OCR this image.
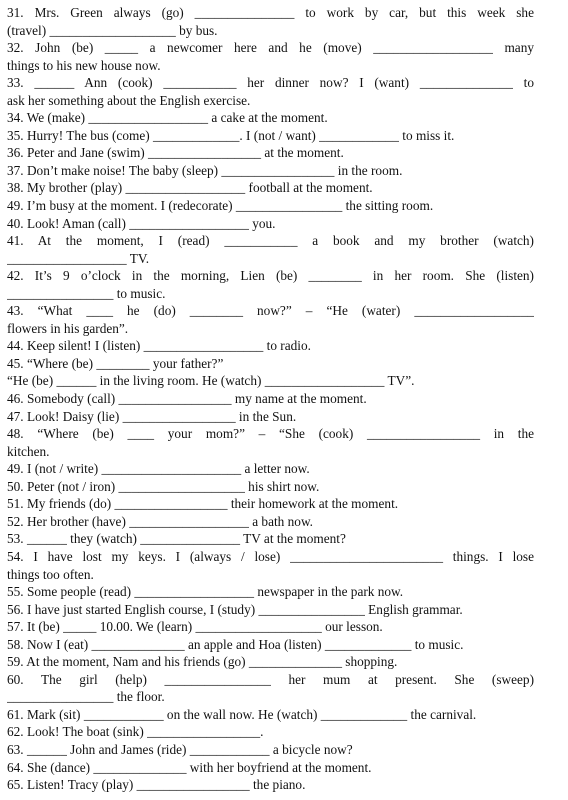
31. Mrs. Green always (go) _______________ to work by car, but this week she
(travel) ___________________ by bus.
32. John (be) _____ a newcomer here and he (move) __________________ many
things to his new house now.
33. ______ Ann (cook) ___________ her dinner now? I (want) ______________ to
ask her something about the English exercise.
34. We (make) __________________ a cake at the moment.
35. Hurry! The bus (come) _____________. I (not / want) ____________ to miss it.
36. Peter and Jane (swim) _________________ at the moment.
37. Don’t make noise! The baby (sleep) _________________ in the room.
38. My brother (play) __________________ football at the moment.
49. I’m busy at the moment. I (redecorate) ________________ the sitting room.
40. Look! Aman (call) __________________ you.
41. At the moment, I (read) ___________ a book and my brother (watch)
__________________ TV.
42. It’s 9 o’clock in the morning, Lien (be) ________ in her room. She (listen)
________________ to music.
43. “What ____ he (do) ________ now?” – “He (water) __________________
flowers in his garden”.
44. Keep silent! I (listen) __________________ to radio.
45. “Where (be) ________ your father?”
“He (be) ______ in the living room. He (watch) __________________ TV”.
46. Somebody (call) _________________ my name at the moment.
47. Look! Daisy (lie) _________________ in the Sun.
48. “Where (be) ____ your mom?” – “She (cook) _________________ in the
kitchen.
49. I (not / write) _____________________ a letter now.
50. Peter (not / iron) ___________________ his shirt now.
51. My friends (do) _________________ their homework at the moment.
52. Her brother (have) __________________ a bath now.
53. ______ they (watch) _______________ TV at the moment?
54. I have lost my keys. I (always / lose) _______________________ things. I lose
things too often.
55. Some people (read) __________________ newspaper in the park now.
56. I have just started English course, I (study) ________________ English grammar.
57. It (be) _____ 10.00. We (learn) ___________________ our lesson.
58. Now I (eat) ______________ an apple and Hoa (listen) _____________ to music.
59. At the moment, Nam and his friends (go) ______________ shopping.
60. The girl (help) ________________ her mum at present. She (sweep)
________________ the floor.
61. Mark (sit) ____________ on the wall now. He (watch) _____________ the carnival.
62. Look! The boat (sink) _________________.
63. ______ John and James (ride) ____________ a bicycle now?
64. She (dance) ______________ with her boyfriend at the moment.
65. Listen! Tracy (play) _________________ the piano.
